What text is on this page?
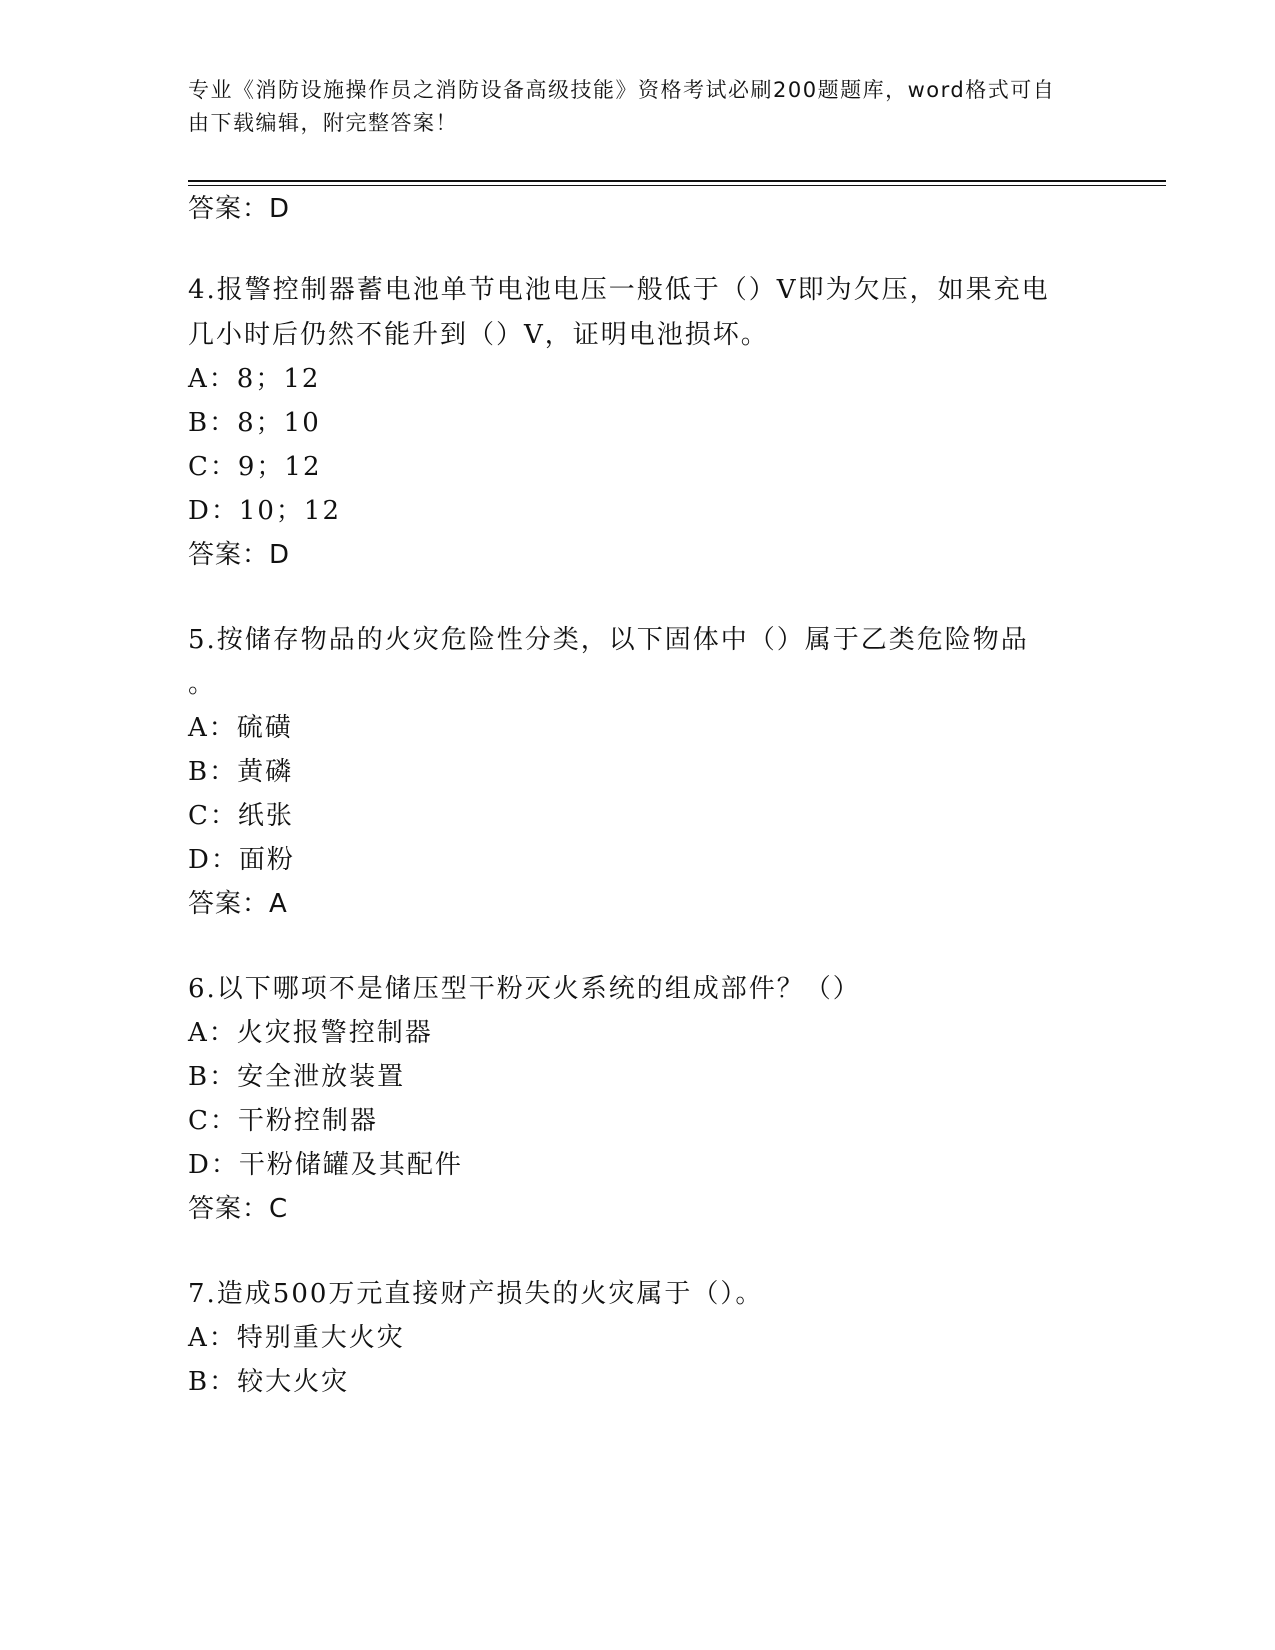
专业《消防设施操作员之消防设备高级技能》资格考试必刷200题题库，word格式可自由下载编辑，附完整答案！

答案：D

4.报警控制器蓄电池单节电池电压一般低于（）V即为欠压，如果充电

几小时后仍然不能升到（）V，证明电池损坏。

A：8；12

B：8；10

C：9；12

D：10；12

答案：D

5.按储存物品的火灾危险性分类，以下固体中（）属于乙类危险物品

。

A：硫磺

B：黄磷

C：纸张

D：面粉

答案：A

6.以下哪项不是储压型干粉灭火系统的组成部件？（）

A：火灾报警控制器

B：安全泄放装置

C：干粉控制器

D：干粉储罐及其配件

答案：C

7.造成500万元直接财产损失的火灾属于（）。

A：特别重大火灾

B：较大火灾
